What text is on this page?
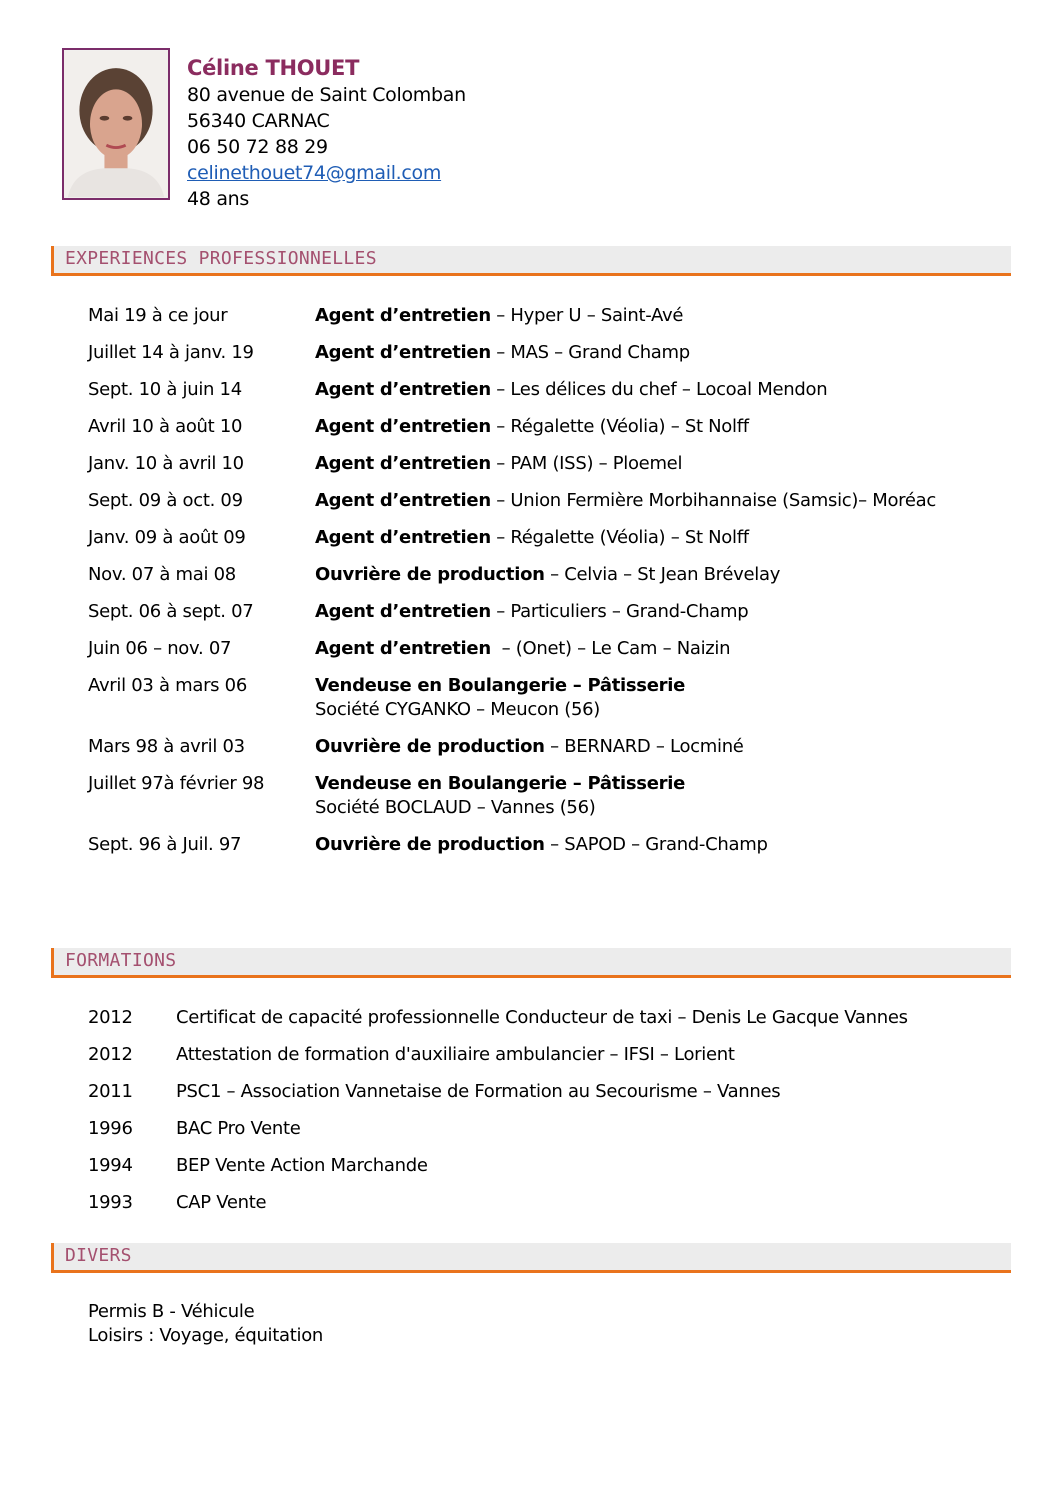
Céline THOUET
80 avenue de Saint Colomban
56340 CARNAC
06 50 72 88 29
celinethouet74@gmail.com
48 ans
EXPERIENCES PROFESSIONNELLES
Mai 19 à ce jour	Agent d’entretien – Hyper U – Saint-Avé
Juillet 14 à janv. 19	Agent d’entretien – MAS – Grand Champ
Sept. 10 à juin 14	Agent d’entretien – Les délices du chef – Locoal Mendon
Avril 10 à août 10	Agent d’entretien – Régalette (Véolia) – St Nolff
Janv. 10 à avril 10	Agent d’entretien – PAM (ISS) – Ploemel
Sept. 09 à oct. 09	Agent d’entretien – Union Fermière Morbihannaise (Samsic)– Moréac
Janv. 09 à août 09	Agent d’entretien – Régalette (Véolia) – St Nolff
Nov. 07 à mai 08	Ouvrière de production – Celvia – St Jean Brévelay
Sept. 06 à sept. 07	Agent d’entretien – Particuliers – Grand-Champ
Juin 06 – nov. 07	Agent d’entretien  – (Onet) – Le Cam – Naizin
Avril 03 à mars 06	Vendeuse en Boulangerie – Pâtisserie
Société CYGANKO – Meucon (56)
Mars 98 à avril 03	Ouvrière de production – BERNARD – Locminé
Juillet 97à février 98	Vendeuse en Boulangerie – Pâtisserie
Société BOCLAUD – Vannes (56)
Sept. 96 à Juil. 97	Ouvrière de production – SAPOD – Grand-Champ
FORMATIONS
2012 Certificat de capacité professionnelle Conducteur de taxi – Denis Le Gacque Vannes
2012 Attestation de formation d'auxiliaire ambulancier – IFSI – Lorient
2011 PSC1 – Association Vannetaise de Formation au Secourisme – Vannes
1996 BAC Pro Vente
1994 BEP Vente Action Marchande
1993 CAP Vente
DIVERS
Permis B - Véhicule
Loisirs : Voyage, équitation
